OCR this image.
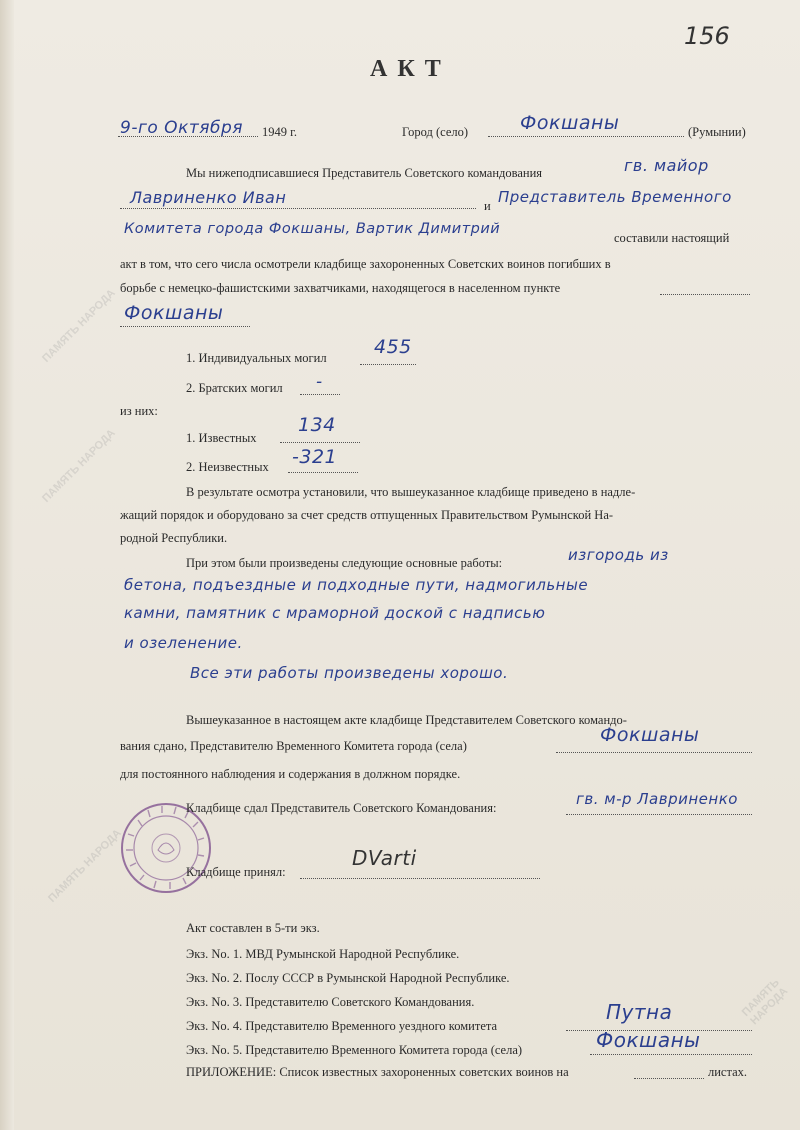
ПАМЯТЬ НАРОДА
ПАМЯТЬ НАРОДА
ПАМЯТЬ НАРОДА
ПАМЯТЬ НАРОДА
156
АКТ
9-го Октября 1949 г.	Город (село)	Фокшаны	(Румынии)
Мы нижеподписавшиеся Представитель Советского командования	гв. майор
Лавриненко Иван	и Представитель Временного
Комитета города Фокшаны, Вартик Димитрий
составили настоящий
акт в том, что сего числа осмотрели кладбище захороненных Советских воинов погибших в
борьбе с немецко-фашистскими захватчиками, находящегося в населенном пункте
Фокшаны
1. Индивидуальных могил 455
2. Братских могил -
из них:
1. Известных
134
2. Неизвестных -321
В результате осмотра установили, что вышеуказанное кладбище приведено в надле-
жащий порядок и оборудовано за счет средств отпущенных Правительством Румынской На-
родной Республики.
При этом были произведены следующие основные работы:	изгородь из
бетона, подъездные и подходные пути, надмогильные
камни, памятник с мраморной доской с надписью
и озеленение.
Все эти работы произведены хорошо.
Вышеуказанное в настоящем акте кладбище Представителем Советского командо-
вания сдано, Представителю Временного Комитета города (села)	Фокшаны
для постоянного наблюдения и содержания в должном порядке.
Кладбище сдал Представитель Советского Командования:	гв. м-р Лавриненко
Кладбище принял:
DVarti
Акт составлен в 5-ти экз.
Экз. No. 1. МВД Румынской Народной Республике.
Экз. No. 2. Послу СССР в Румынской Народной Республике.
Экз. No. 3. Представителю Советского Командования.
Экз. No. 4. Представителю Временного уездного комитета
Путна
Экз. No. 5. Представителю Временного Комитета города (села)	Фокшаны
ПРИЛОЖЕНИЕ: Список известных захороненных советских воинов на	листах.
